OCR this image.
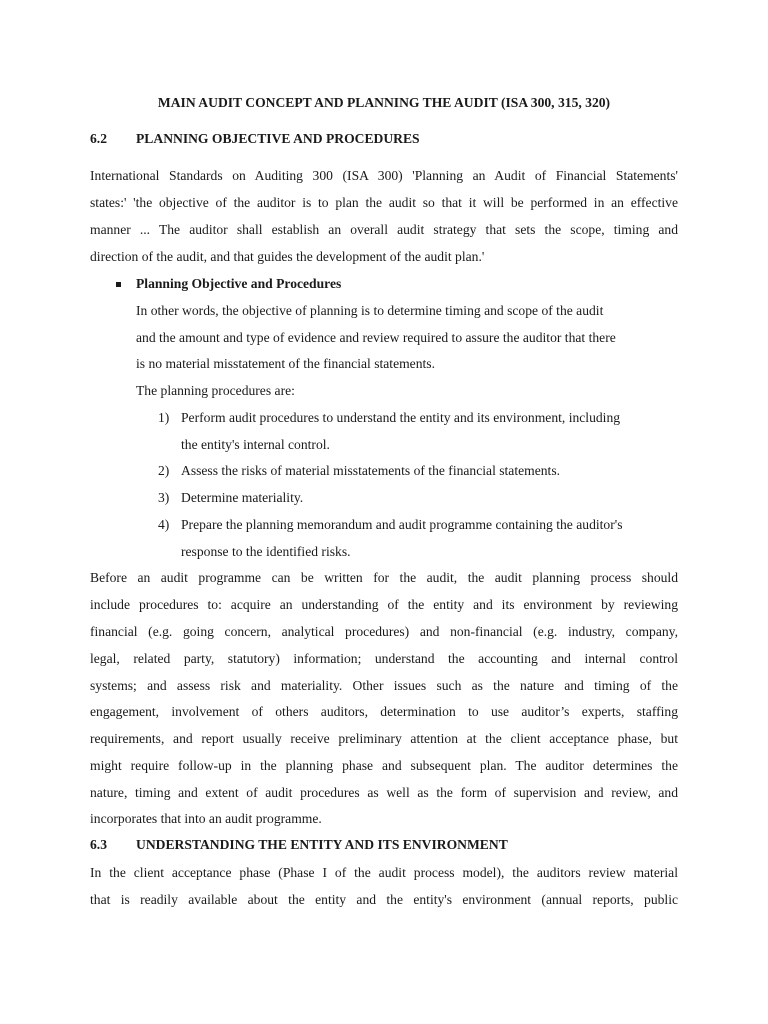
MAIN AUDIT CONCEPT AND PLANNING THE AUDIT (ISA 300, 315, 320)
6.2 PLANNING OBJECTIVE AND PROCEDURES
International Standards on Auditing 300 (ISA 300) 'Planning an Audit of Financial Statements'
states:' 'the objective of the auditor is to plan the audit so that it will be performed in an effective
manner ... The auditor shall establish an overall audit strategy that sets the scope, timing and
direction of the audit, and that guides the development of the audit plan.'
Planning Objective and Procedures
In other words, the objective of planning is to determine timing and scope of the audit
and the amount and type of evidence and review required to assure the auditor that there
is no material misstatement of the financial statements.
The planning procedures are:
1) Perform audit procedures to understand the entity and its environment, including
the entity's internal control.
2) Assess the risks of material misstatements of the financial statements.
3) Determine materiality.
4) Prepare the planning memorandum and audit programme containing the auditor's
response to the identified risks.
Before an audit programme can be written for the audit, the audit planning process should
include procedures to: acquire an understanding of the entity and its environment by reviewing
financial (e.g. going concern, analytical procedures) and non-financial (e.g. industry, company,
legal, related party, statutory) information; understand the accounting and internal control
systems; and assess risk and materiality. Other issues such as the nature and timing of the
engagement, involvement of others auditors, determination to use auditor’s experts, staffing
requirements, and report usually receive preliminary attention at the client acceptance phase, but
might require follow-up in the planning phase and subsequent plan. The auditor determines the
nature, timing and extent of audit procedures as well as the form of supervision and review, and
incorporates that into an audit programme.
6.3 UNDERSTANDING THE ENTITY AND ITS ENVIRONMENT
In the client acceptance phase (Phase I of the audit process model), the auditors review material
that is readily available about the entity and the entity's environment (annual reports, public
